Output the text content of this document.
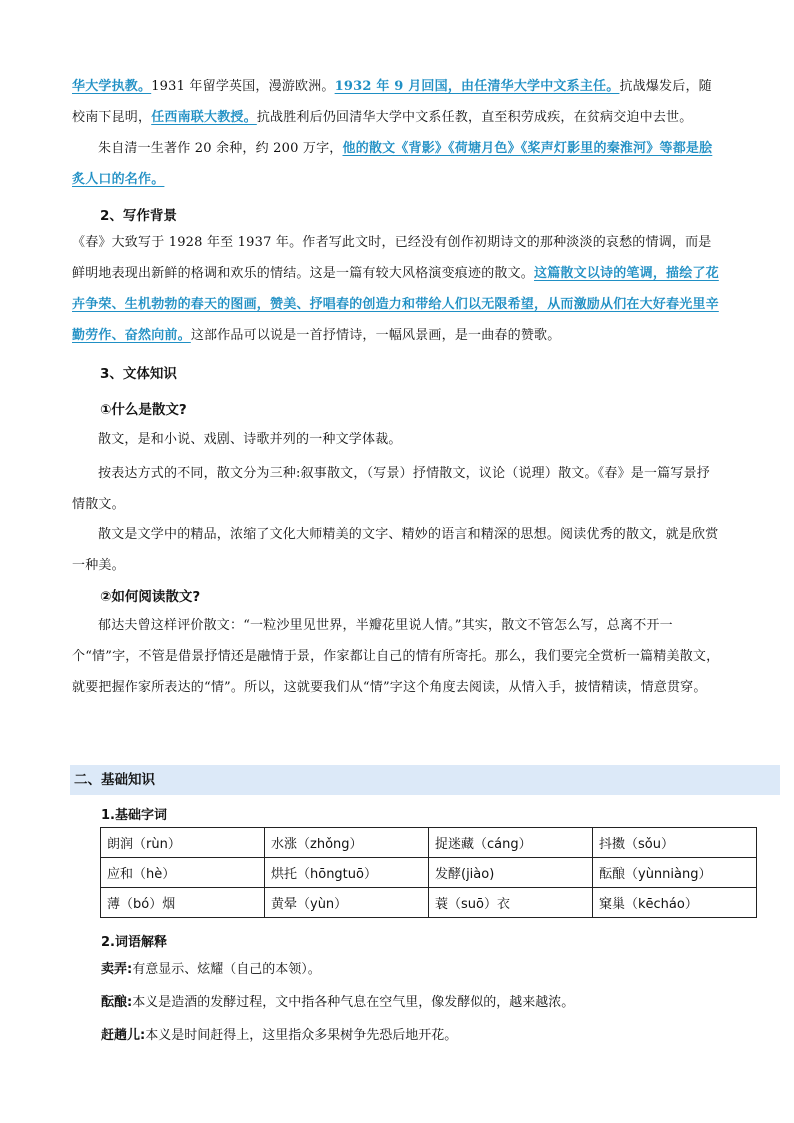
华大学执教。1931 年留学英国，漫游欧洲。1932 年 9 月回国，由任清华大学中文系主任。抗战爆发后，随校南下昆明，任西南联大教授。抗战胜利后仍回清华大学中文系任教，直至积劳成疾，在贫病交迫中去世。

朱自清一生著作 20 余种，约 200 万字，他的散文《背影》《荷塘月色》《桨声灯影里的秦淮河》等都是脍炙人口的名作。

2、写作背景

《春》大致写于 1928 年至 1937 年。作者写此文时，已经没有创作初期诗文的那种淡淡的哀愁的情调，而是鲜明地表现出新鲜的格调和欢乐的情结。这是一篇有较大风格演变痕迹的散文。这篇散文以诗的笔调，描绘了花卉争荣、生机勃勃的春天的图画，赞美、抒唱春的创造力和带给人们以无限希望，从而激励从们在大好春光里辛勤劳作、奋然向前。这部作品可以说是一首抒情诗，一幅风景画，是一曲春的赞歌。

3、文体知识

①什么是散文?

散文，是和小说、戏剧、诗歌并列的一种文学体裁。

按表达方式的不同，散文分为三种:叙事散文，（写景）抒情散文，议论（说理）散文。《春》是一篇写景抒情散文。

散文是文学中的精品，浓缩了文化大师精美的文字、精妙的语言和精深的思想。阅读优秀的散文，就是欣赏一种美。

②如何阅读散文?

郁达夫曾这样评价散文：“一粒沙里见世界，半瓣花里说人情。”其实，散文不管怎么写，总离不开一个“情”字，不管是借景抒情还是融情于景，作家都让自己的情有所寄托。那么，我们要完全赏析一篇精美散文，就要把握作家所表达的“情”。所以，这就要我们从“情”字这个角度去阅读，从情入手，披情精读，情意贯穿。

二、基础知识

1.基础字词

朗润（rùn）	水涨（zhǒng）	捉迷藏（cáng）	抖擞（sǒu）
应和（hè）	烘托（hōngtuō）	发酵(jiào)	酝酿（yùnniàng）
薄（bó）烟	黄晕（yùn）	蓑（suō）衣	窠巢（kēcháo）

2.词语解释

卖弄:有意显示、炫耀（自己的本领）。

酝酿:本义是造酒的发酵过程，文中指各种气息在空气里，像发酵似的，越来越浓。

赶趟儿:本义是时间赶得上，这里指众多果树争先恐后地开花。
